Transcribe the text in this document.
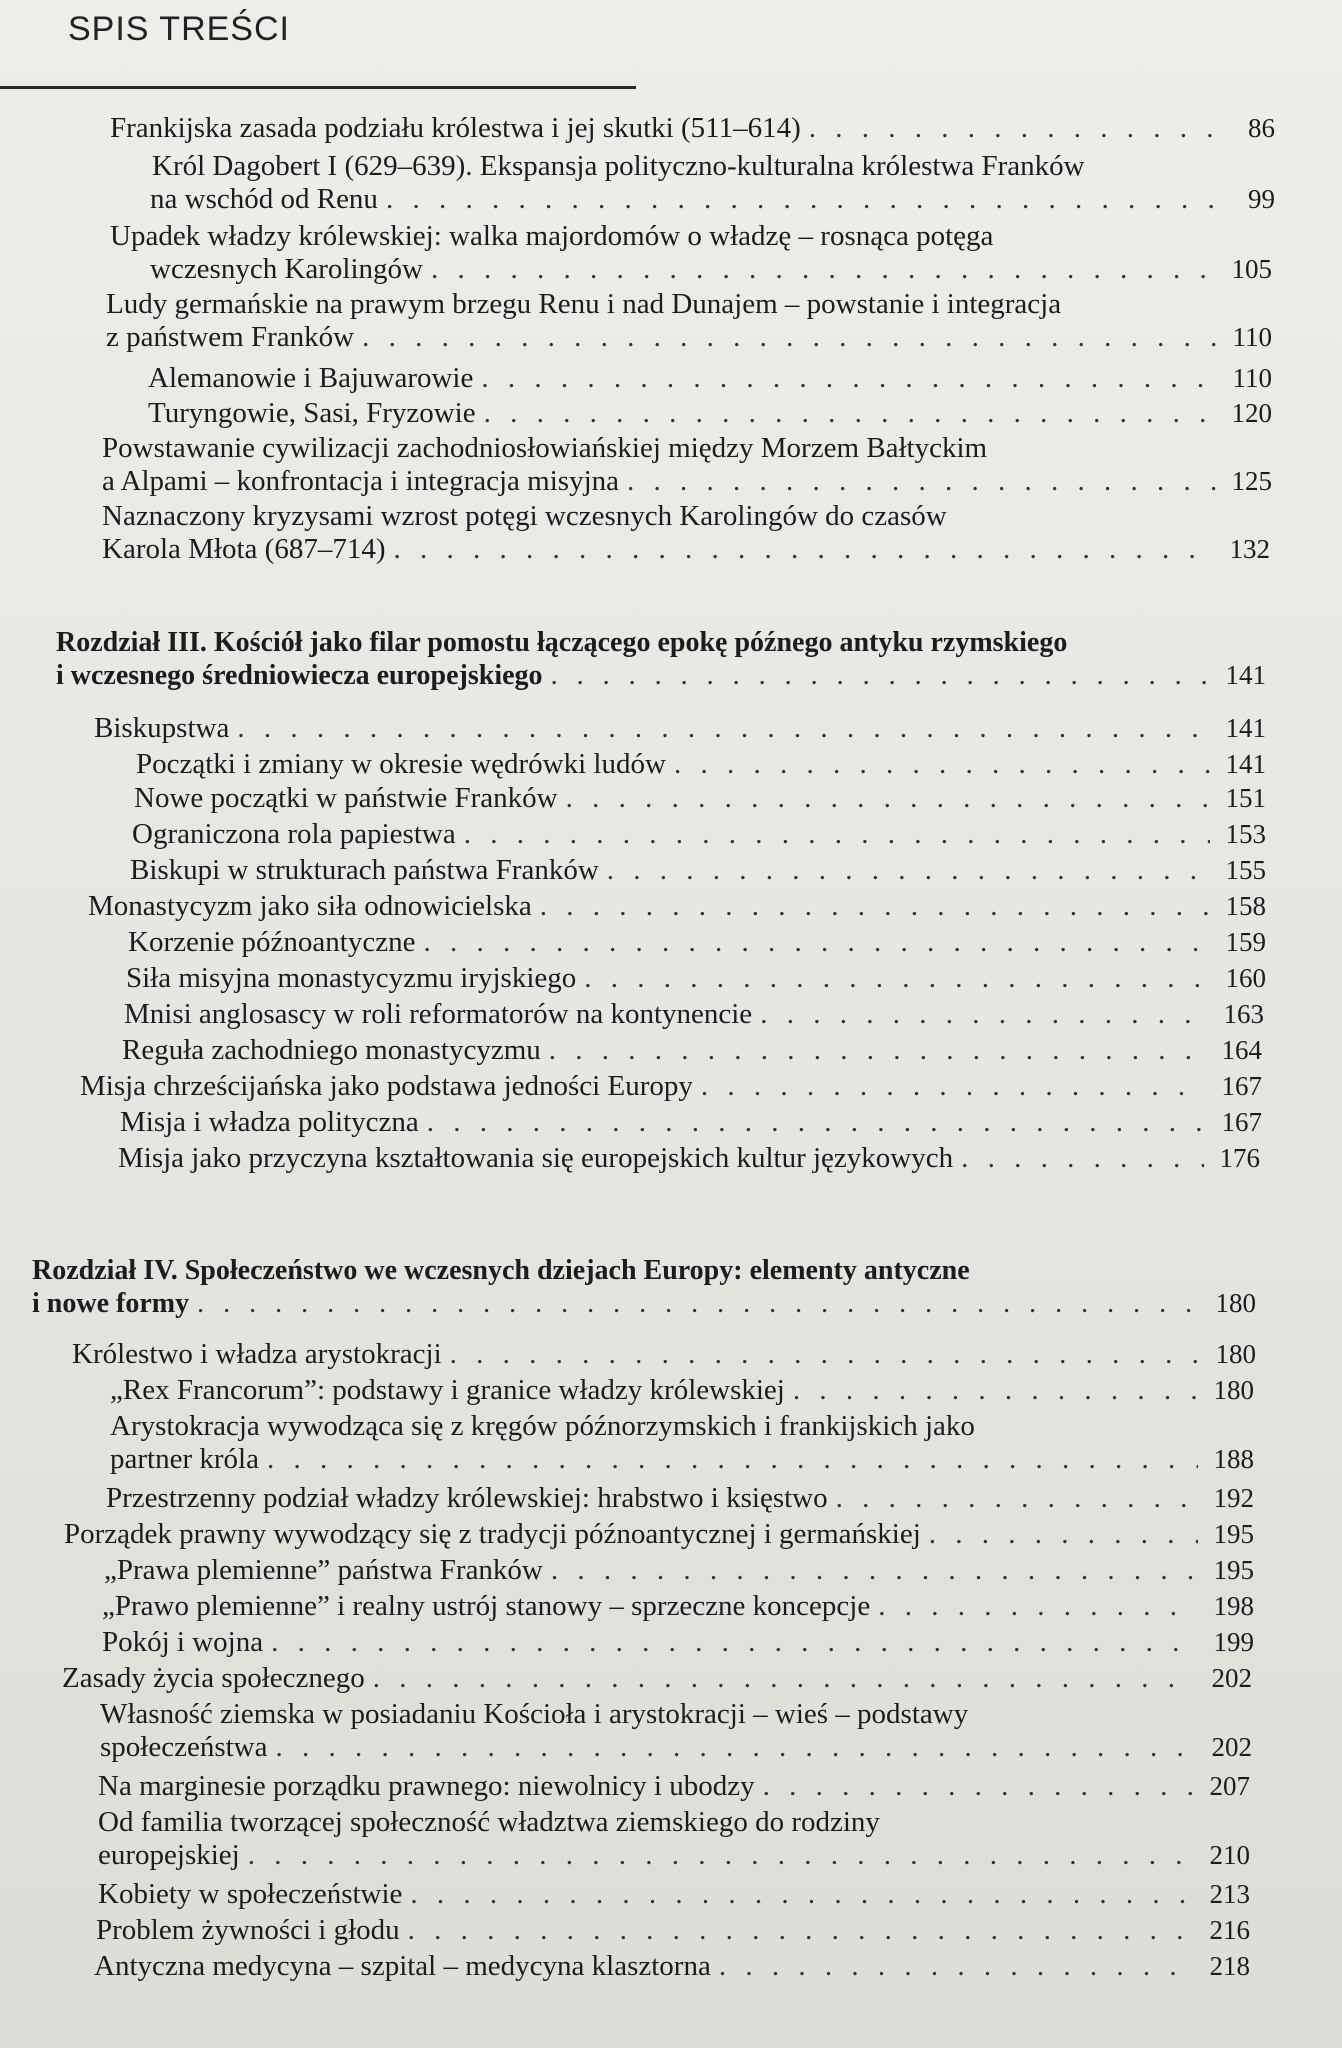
SPIS TREŚCI
Frankijska zasada podziału królestwa i jej skutki (511–614) . . .	86
Król Dagobert I (629–639). Ekspansja polityczno-kulturalna królestwa Franków
na wschód od Renu . . .	99
Upadek władzy królewskiej: walka majordomów o władzę – rosnąca potęga
wczesnych Karolingów . . .	105
Ludy germańskie na prawym brzegu Renu i nad Dunajem – powstanie i integracja
z państwem Franków . . .	110
Alemanowie i Bajuwarowie . . .	110
Turyngowie, Sasi, Fryzowie . . .	120
Powstawanie cywilizacji zachodniosłowiańskiej między Morzem Bałtyckim
a Alpami – konfrontacja i integracja misyjna . . .	125
Naznaczony kryzysami wzrost potęgi wczesnych Karolingów do czasów
Karola Młota (687–714) . . .	132
Rozdział III. Kościół jako filar pomostu łączącego epokę późnego antyku rzymskiego
i wczesnego średniowiecza europejskiego . . .	141
Biskupstwa . . .	141
Początki i zmiany w okresie wędrówki ludów . . .	141
Nowe początki w państwie Franków . . .	151
Ograniczona rola papiestwa . . .	153
Biskupi w strukturach państwa Franków . . .	155
Monastycyzm jako siła odnowicielska . . .	158
Korzenie późnoantyczne . . .	159
Siła misyjna monastycyzmu iryjskiego . . .	160
Mnisi anglosascy w roli reformatorów na kontynencie . . .	163
Reguła zachodniego monastycyzmu . . .	164
Misja chrześcijańska jako podstawa jedności Europy . . .	167
Misja i władza polityczna . . .	167
Misja jako przyczyna kształtowania się europejskich kultur językowych . . .	176
Rozdział IV. Społeczeństwo we wczesnych dziejach Europy: elementy antyczne
i nowe formy . . .	180
Królestwo i władza arystokracji . . .	180
„Rex Francorum”: podstawy i granice władzy królewskiej . . .	180
Arystokracja wywodząca się z kręgów późnorzymskich i frankijskich jako
partner króla . . .	188
Przestrzenny podział władzy królewskiej: hrabstwo i księstwo . . .	192
Porządek prawny wywodzący się z tradycji późnoantycznej i germańskiej . . .	195
„Prawa plemienne” państwa Franków . . .	195
„Prawo plemienne” i realny ustrój stanowy – sprzeczne koncepcje . . .	198
Pokój i wojna . . .	199
Zasady życia społecznego . . .	202
Własność ziemska w posiadaniu Kościoła i arystokracji – wieś – podstawy
społeczeństwa . . .	202
Na marginesie porządku prawnego: niewolnicy i ubodzy . . .	207
Od familia tworzącej społeczność władztwa ziemskiego do rodziny
europejskiej . . .	210
Kobiety w społeczeństwie . . .	213
Problem żywności i głodu . . .	216
Antyczna medycyna – szpital – medycyna klasztorna . . .	218
